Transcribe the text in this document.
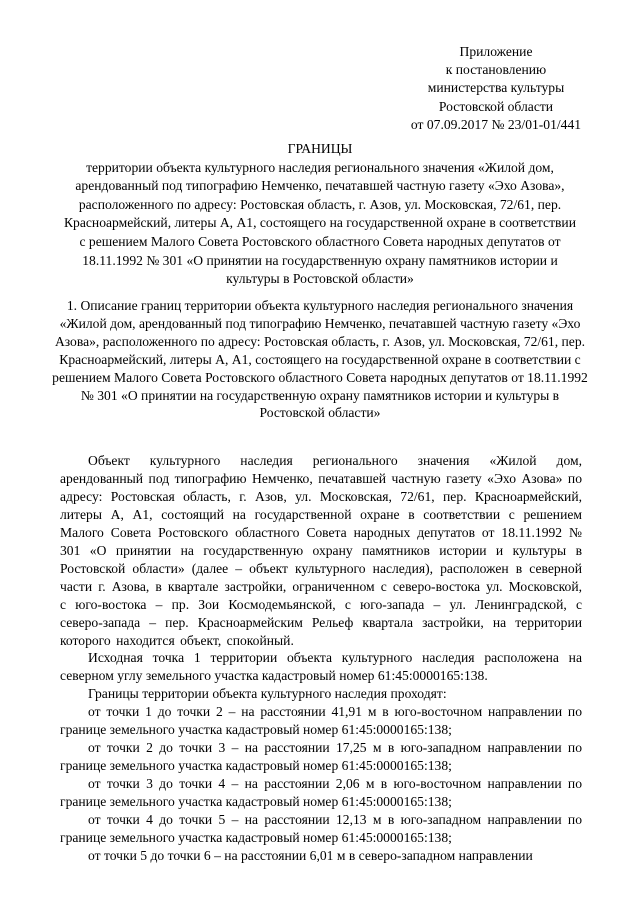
Приложение
к постановлению
министерства культуры
Ростовской области
от 07.09.2017 № 23/01-01/441
ГРАНИЦЫ
территории объекта культурного наследия регионального значения «Жилой дом, арендованный под типографию Немченко, печатавшей частную газету «Эхо Азова», расположенного по адресу: Ростовская область, г. Азов, ул. Московская, 72/61, пер. Красноармейский, литеры А, А1, состоящего на государственной охране в соответствии с решением Малого Совета Ростовского областного Совета народных депутатов от 18.11.1992 № 301 «О принятии на государственную охрану памятников истории и культуры в Ростовской области»
1. Описание границ территории объекта культурного наследия регионального значения «Жилой дом, арендованный под типографию Немченко, печатавшей частную газету «Эхо Азова», расположенного по адресу: Ростовская область, г. Азов, ул. Московская, 72/61, пер. Красноармейский, литеры А, А1, состоящего на государственной охране в соответствии с решением Малого Совета Ростовского областного Совета народных депутатов от 18.11.1992 № 301 «О принятии на государственную охрану памятников истории и культуры в Ростовской области»

Объект культурного наследия регионального значения «Жилой дом, арендованный под типографию Немченко, печатавшей частную газету «Эхо Азова» по адресу: Ростовская область, г. Азов, ул. Московская, 72/61, пер. Красноармейский, литеры А, А1, состоящий на государственной охране в соответствии с решением Малого Совета Ростовского областного Совета народных депутатов от 18.11.1992 № 301 «О принятии на государственную охрану памятников истории и культуры в Ростовской области» (далее – объект культурного наследия), расположен в северной части г. Азова, в квартале застройки, ограниченном с северо-востока ул. Московской, с юго-востока – пр. Зои Космодемьянской, с юго-запада – ул. Ленинградской, с северо-запада – пер. Красноармейским Рельеф квартала застройки, на территории которого находится объект, спокойный.

Исходная точка 1 территории объекта культурного наследия расположена на северном углу земельного участка кадастровый номер 61:45:0000165:138.

Границы территории объекта культурного наследия проходят:

от точки 1 до точки 2 – на расстоянии 41,91 м в юго-восточном направлении по границе земельного участка кадастровый номер 61:45:0000165:138;

от точки 2 до точки 3 – на расстоянии 17,25 м в юго-западном направлении по границе земельного участка кадастровый номер 61:45:0000165:138;

от точки 3 до точки 4 – на расстоянии 2,06 м в юго-восточном направлении по границе земельного участка кадастровый номер 61:45:0000165:138;

от точки 4 до точки 5 – на расстоянии 12,13 м в юго-западном направлении по границе земельного участка кадастровый номер 61:45:0000165:138;

от точки 5 до точки 6 – на расстоянии 6,01 м в северо-западном направлении
